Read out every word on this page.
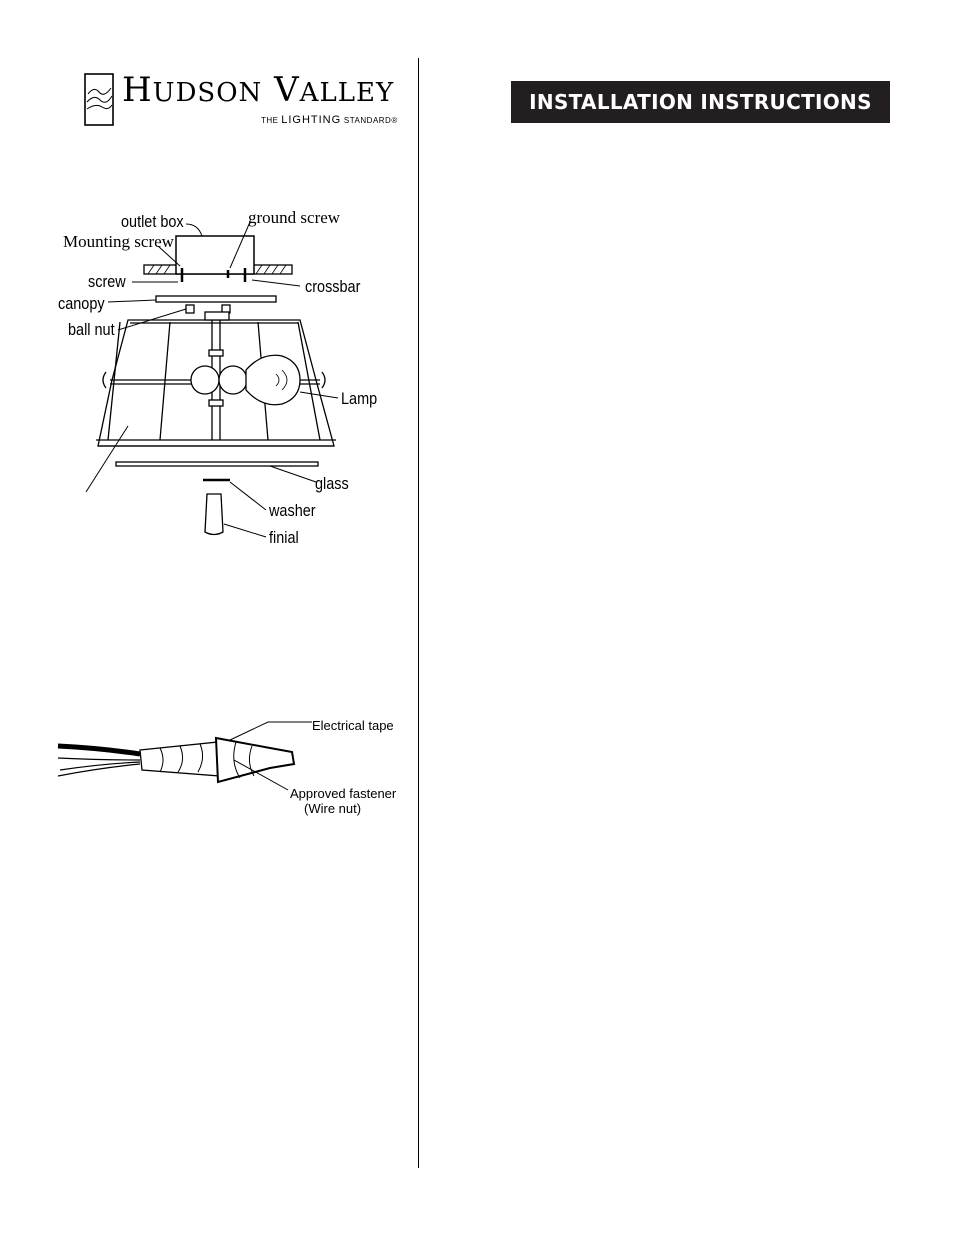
HUDSON VALLEY
THE LIGHTING STANDARD®
INSTALLATION INSTRUCTIONS
outlet box	ground screw
Mounting screw
screw	crossbar
canopy
ball nut
Lamp
glass
washer
finial
Electrical tape
Approved fastener
(Wire nut)
